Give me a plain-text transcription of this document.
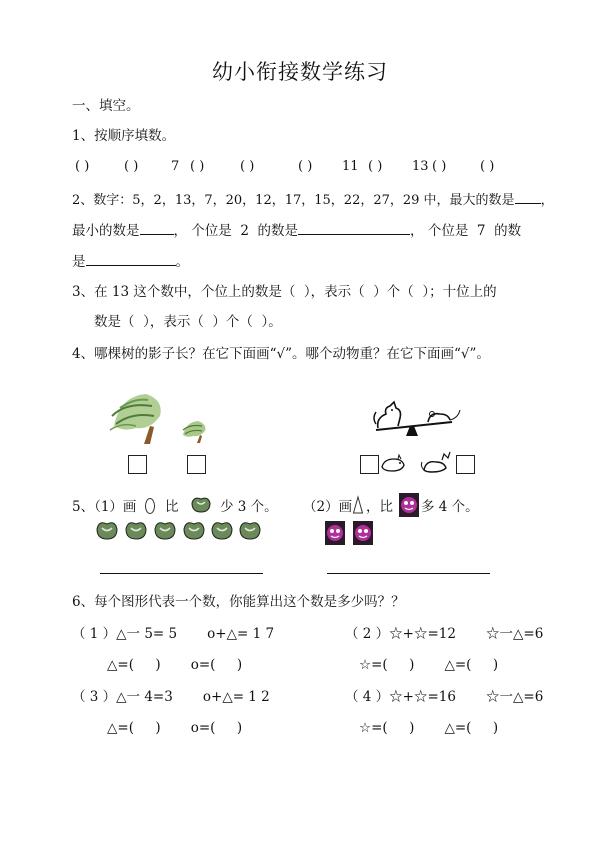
幼小衔接数学练习
一、填空。
1、按顺序填数。
( )	( )	7 ( )	( )	( ) 11 ( ) 13 ( )	( )
2、数字：5，2，13，7，20，12，17，15，22，27，29 中，最大的数是 ，
最小的数是	， 个位是  2  的数是	， 个位是  7  的数
是	。
3、在 13 这个数中，个位上的数是（  ），表示（  ）个（  ）；十位上的
数是（  ），表示（  ）个（  ）。
4、哪棵树的影子长？在它下面画“√”。哪个动物重？在它下面画“√”。
5、（1）画 比	少 3 个。 （2）画 ，比 多 4 个。
6、每个图形代表一个数，你能算出这个数是多少吗？？
（ 1 ）△一 5= 5       o+△= 1 7
△=(     )       o=(     )
（ 2 ）☆+☆=12       ☆一△=6
☆=(     )       △=(     )
（ 3 ）△一 4=3       o+△= 1 2
△=(     )       o=(     )
（ 4 ）☆+☆=16       ☆一△=6
☆=(     )       △=(     )
